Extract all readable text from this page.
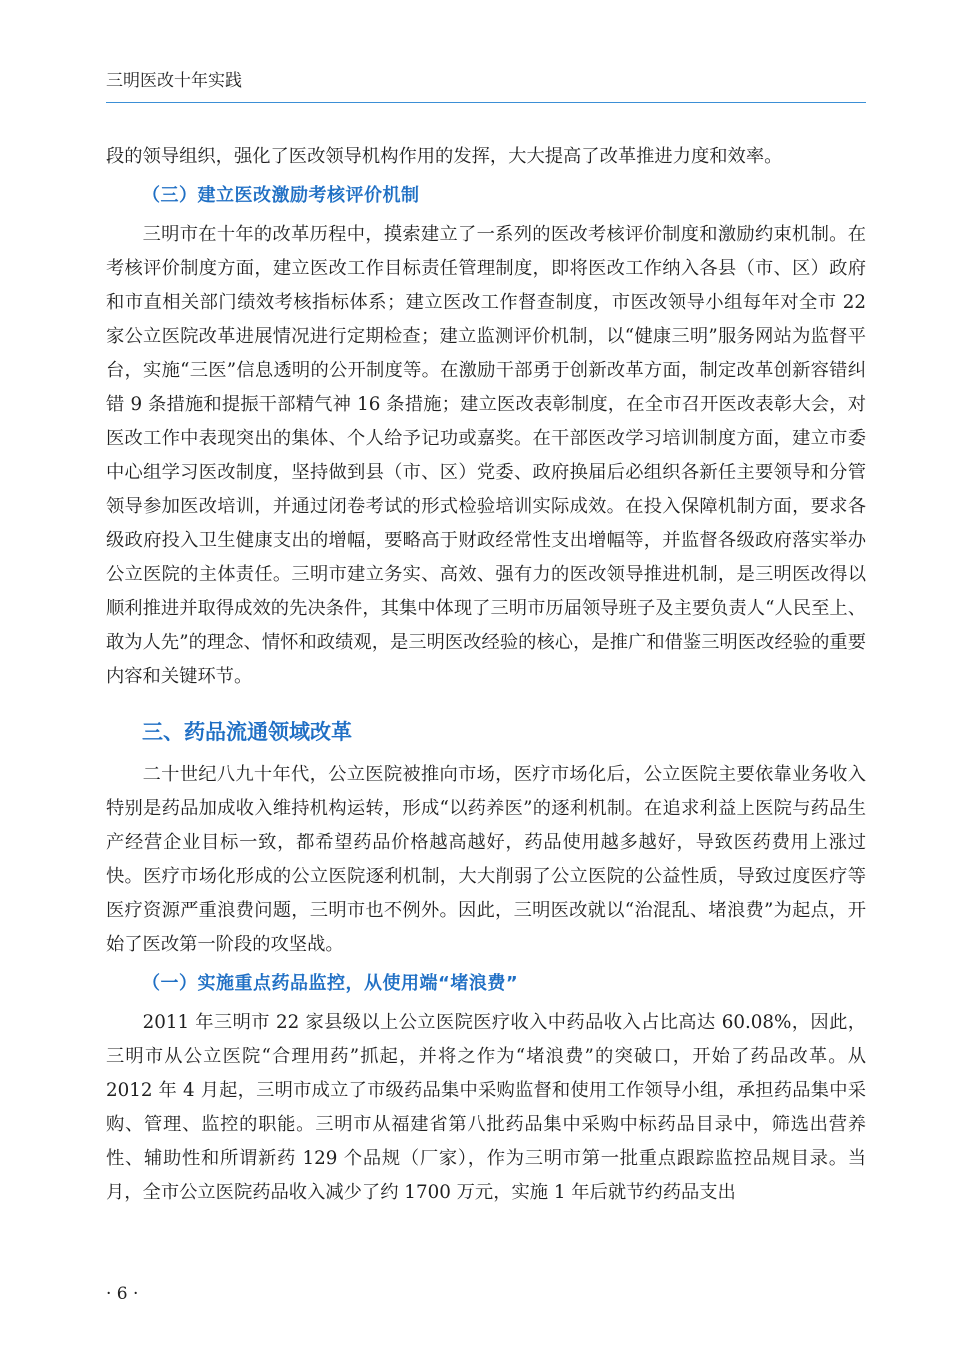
三明医改十年实践

段的领导组织，强化了医改领导机构作用的发挥，大大提高了改革推进力度和效率。

（三）建立医改激励考核评价机制

三明市在十年的改革历程中，摸索建立了一系列的医改考核评价制度和激励约束机制。在考核评价制度方面，建立医改工作目标责任管理制度，即将医改工作纳入各县（市、区）政府和市直相关部门绩效考核指标体系；建立医改工作督查制度，市医改领导小组每年对全市 22 家公立医院改革进展情况进行定期检查；建立监测评价机制，以“健康三明”服务网站为监督平台，实施“三医”信息透明的公开制度等。在激励干部勇于创新改革方面，制定改革创新容错纠错 9 条措施和提振干部精气神 16 条措施；建立医改表彰制度，在全市召开医改表彰大会，对医改工作中表现突出的集体、个人给予记功或嘉奖。在干部医改学习培训制度方面，建立市委中心组学习医改制度，坚持做到县（市、区）党委、政府换届后必组织各新任主要领导和分管领导参加医改培训，并通过闭卷考试的形式检验培训实际成效。在投入保障机制方面，要求各级政府投入卫生健康支出的增幅，要略高于财政经常性支出增幅等，并监督各级政府落实举办公立医院的主体责任。三明市建立务实、高效、强有力的医改领导推进机制，是三明医改得以顺利推进并取得成效的先决条件，其集中体现了三明市历届领导班子及主要负责人“人民至上、敢为人先”的理念、情怀和政绩观，是三明医改经验的核心，是推广和借鉴三明医改经验的重要内容和关键环节。

三、药品流通领域改革

二十世纪八九十年代，公立医院被推向市场，医疗市场化后，公立医院主要依靠业务收入特别是药品加成收入维持机构运转，形成“以药养医”的逐利机制。在追求利益上医院与药品生产经营企业目标一致，都希望药品价格越高越好，药品使用越多越好，导致医药费用上涨过快。医疗市场化形成的公立医院逐利机制，大大削弱了公立医院的公益性质，导致过度医疗等医疗资源严重浪费问题，三明市也不例外。因此，三明医改就以“治混乱、堵浪费”为起点，开始了医改第一阶段的攻坚战。

（一）实施重点药品监控，从使用端“堵浪费”

2011 年三明市 22 家县级以上公立医院医疗收入中药品收入占比高达 60.08%，因此，三明市从公立医院“合理用药”抓起，并将之作为“堵浪费”的突破口，开始了药品改革。从 2012 年 4 月起，三明市成立了市级药品集中采购监督和使用工作领导小组，承担药品集中采购、管理、监控的职能。三明市从福建省第八批药品集中采购中标药品目录中，筛选出营养性、辅助性和所谓新药 129 个品规（厂家），作为三明市第一批重点跟踪监控品规目录。当月，全市公立医院药品收入减少了约 1700 万元，实施 1 年后就节约药品支出

· 6 ·
